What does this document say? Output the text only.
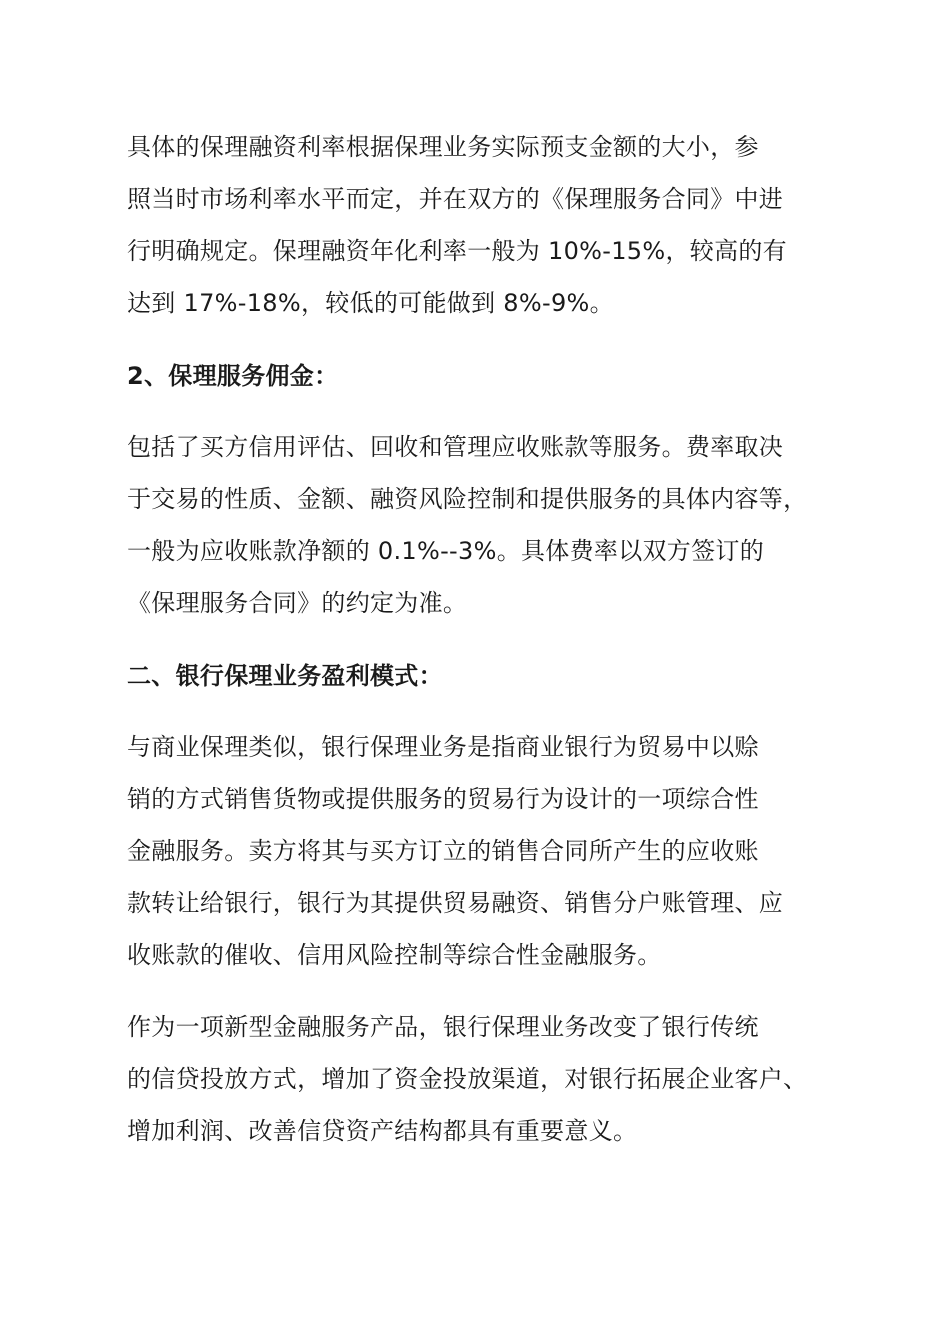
具体的保理融资利率根据保理业务实际预支金额的大小，参
照当时市场利率水平而定，并在双方的《保理服务合同》中进
行明确规定。保理融资年化利率一般为 10%-15%，较高的有
达到 17%-18%，较低的可能做到 8%-9%。
2、保理服务佣金：
包括了买方信用评估、回收和管理应收账款等服务。费率取决
于交易的性质、金额、融资风险控制和提供服务的具体内容等，
一般为应收账款净额的 0.1%--3%。具体费率以双方签订的
《保理服务合同》的约定为准。
二、银行保理业务盈利模式：
与商业保理类似，银行保理业务是指商业银行为贸易中以赊
销的方式销售货物或提供服务的贸易行为设计的一项综合性
金融服务。卖方将其与买方订立的销售合同所产生的应收账
款转让给银行，银行为其提供贸易融资、销售分户账管理、应
收账款的催收、信用风险控制等综合性金融服务。
作为一项新型金融服务产品，银行保理业务改变了银行传统
的信贷投放方式，增加了资金投放渠道，对银行拓展企业客户、
增加利润、改善信贷资产结构都具有重要意义。
